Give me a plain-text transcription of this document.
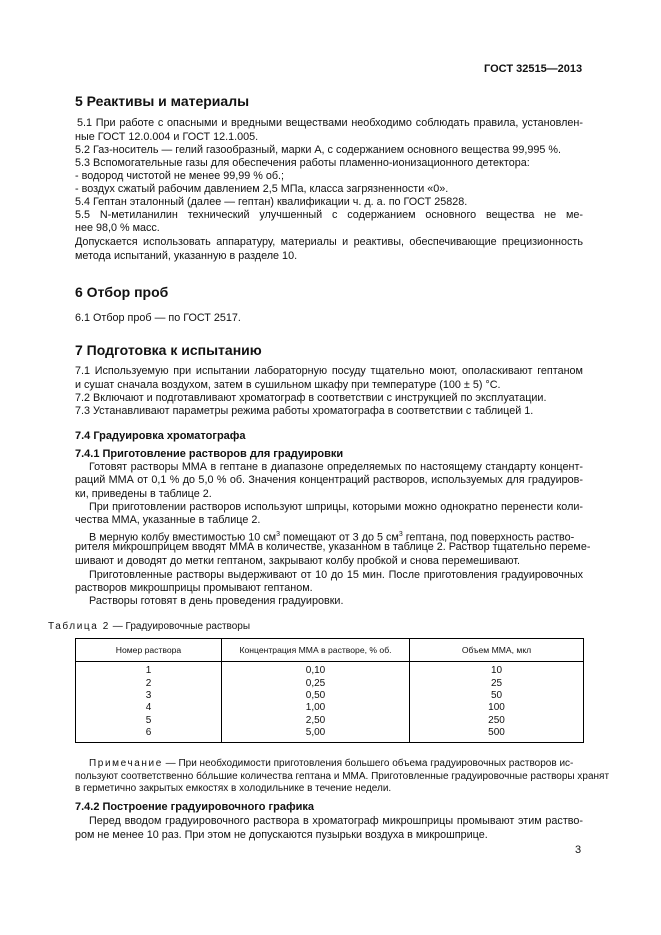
ГОСТ 32515—2013
5 Реактивы и материалы
5.1 При работе с опасными и вредными веществами необходимо соблюдать правила, установлен-
ные ГОСТ 12.0.004 и ГОСТ 12.1.005.
5.2 Газ-носитель — гелий газообразный, марки А, с содержанием основного вещества 99,995 %.
5.3 Вспомогательные газы для обеспечения работы пламенно-ионизационного детектора:
- водород чистотой не менее 99,99 % об.;
- воздух сжатый рабочим давлением 2,5 МПа, класса загрязненности «0».
5.4 Гептан эталонный (далее — гептан) квалификации ч. д. а. по ГОСТ 25828.
5.5 N-метиланилин технический улучшенный с содержанием основного вещества не ме-
нее 98,0 % масс.
Допускается использовать аппаратуру, материалы и реактивы, обеспечивающие прецизионность
метода испытаний, указанную в разделе 10.
6 Отбор проб
6.1 Отбор проб — по ГОСТ 2517.
7 Подготовка к испытанию
7.1 Используемую при испытании лабораторную посуду тщательно моют, ополаскивают гептаном
и сушат сначала воздухом, затем в сушильном шкафу при температуре (100 ± 5) °С.
7.2 Включают и подготавливают хроматограф в соответствии с инструкцией по эксплуатации.
7.3 Устанавливают параметры режима работы хроматографа в соответствии с таблицей 1.
7.4 Градуировка хроматографа
7.4.1 Приготовление растворов для градуировки
Готовят растворы ММА в гептане в диапазоне определяемых по настоящему стандарту концент-
раций ММА от 0,1 % до 5,0 % об. Значения концентраций растворов, используемых для градуиров-
ки, приведены в таблице 2.
При приготовлении растворов используют шприцы, которыми можно однократно перенести коли-
чества ММА, указанные в таблице 2.
В мерную колбу вместимостью 10 $см^3$ помещают от 3 до 5 $см^3$ гептана, под поверхность раство-
рителя микрошприцем вводят ММА в количестве, указанном в таблице 2. Раствор тщательно переме-
шивают и доводят до метки гептаном, закрывают колбу пробкой и снова перемешивают.
Приготовленные растворы выдерживают от 10 до 15 мин. После приготовления градуировочных
растворов микрошприцы промывают гептаном.
Растворы готовят в день проведения градуировки.
Таблица 2 — Градуировочные растворы
Номер раствора	Концентрация ММА в растворе, % об.	Объем ММА, мкл
1	0,10	10
2	0,25	25
3	0,50	50
4	1,00	100
5	2,50	250
6	5,00	500
Примечание — При необходимости приготовления большего объема градуировочных растворов ис-
пользуют соответственно бóльшие количества гептана и ММА. Приготовленные градуировочные растворы хранят
в герметично закрытых емкостях в холодильнике в течение недели.
7.4.2 Построение градуировочного графика
Перед вводом градуировочного раствора в хроматограф микрошприцы промывают этим раство-
ром не менее 10 раз. При этом не допускаются пузырьки воздуха в микрошприце.
3
